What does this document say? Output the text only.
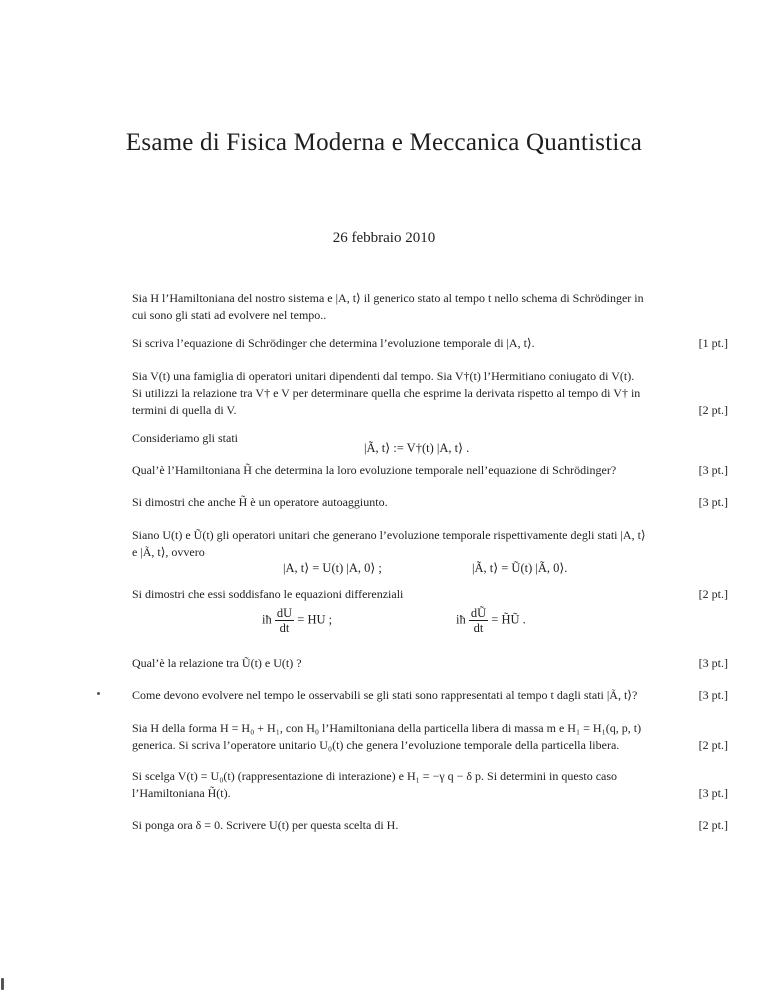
Esame di Fisica Moderna e Meccanica Quantistica
26 febbraio 2010
Sia H l’Hamiltoniana del nostro sistema e |A, t⟩ il generico stato al tempo t nello schema di Schrödinger in
cui sono gli stati ad evolvere nel tempo..
Si scriva l’equazione di Schrödinger che determina l’evoluzione temporale di |A, t⟩.	[1 pt.]
Sia V(t) una famiglia di operatori unitari dipendenti dal tempo. Sia V†(t) l’Hermitiano coniugato di V(t).
Si utilizzi la relazione tra V† e V per determinare quella che esprime la derivata rispetto al tempo di V† in
termini di quella di V.	[2 pt.]
Consideriamo gli stati
|Ã, t⟩ := V†(t) |A, t⟩ .
Qual’è l’Hamiltoniana H̃ che determina la loro evoluzione temporale nell’equazione di Schrödinger?	[3 pt.]
Si dimostri che anche H̃ è un operatore autoaggiunto.	[3 pt.]
Siano U(t) e Ũ(t) gli operatori unitari che generano l’evoluzione temporale rispettivamente degli stati |A, t⟩
e |Ã, t⟩, ovvero
|A, t⟩ = U(t) |A, 0⟩ ;	|Ã, t⟩ = Ũ(t) |Ã, 0⟩.
Si dimostri che essi soddisfano le equazioni differenziali	[2 pt.]
iħ $\frac{dU}{dt}$ = HU ;	iħ $\frac{dŨ}{dt}$ = H̃Ũ .
Qual’è la relazione tra Ũ(t) e U(t) ?	[3 pt.]
Come devono evolvere nel tempo le osservabili se gli stati sono rappresentati al tempo t dagli stati |Ã, t⟩?	[3 pt.]
Sia H della forma H = H₀ + H₁, con H₀ l’Hamiltoniana della particella libera di massa m e H₁ = H₁(q, p, t)
generica. Si scriva l’operatore unitario U₀(t) che genera l’evoluzione temporale della particella libera.	[2 pt.]
Si scelga V(t) = U₀(t) (rappresentazione di interazione) e H₁ = −γ q − δ p. Si determini in questo caso
l’Hamiltoniana H̃(t).	[3 pt.]
Si ponga ora δ = 0. Scrivere U(t) per questa scelta di H.	[2 pt.]
